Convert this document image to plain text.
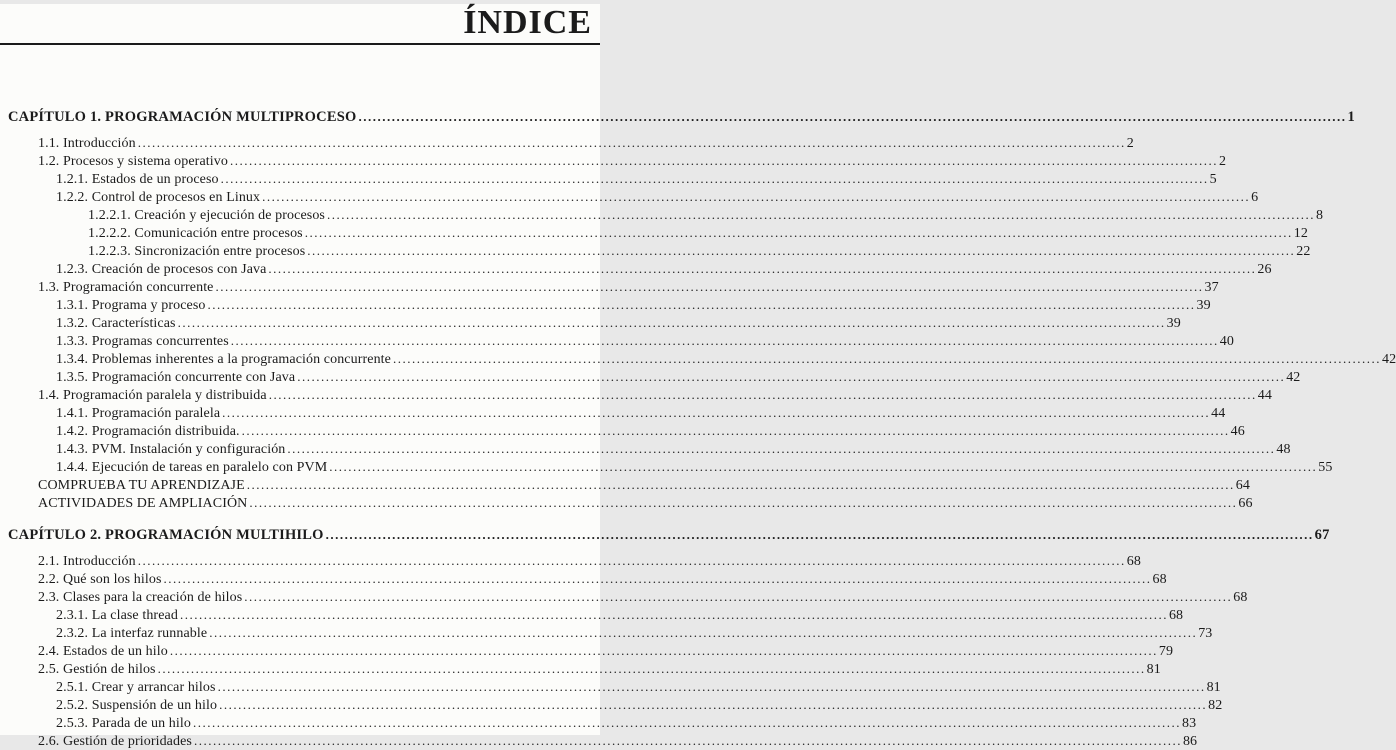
ÍNDICE
CAPÍTULO 1. PROGRAMACIÓN MULTIPROCESO .....	1
1.1. Introducción .....	2
1.2. Procesos y sistema operativo .....	2
1.2.1. Estados de un proceso .....	5
1.2.2. Control de procesos en Linux .....	6
1.2.2.1. Creación y ejecución de procesos .....	8
1.2.2.2. Comunicación entre procesos .....	12
1.2.2.3. Sincronización entre procesos .....	22
1.2.3. Creación de procesos con Java .....	26
1.3. Programación concurrente .....	37
1.3.1. Programa y proceso .....	39
1.3.2. Características .....	39
1.3.3. Programas concurrentes .....	40
1.3.4. Problemas inherentes a la programación concurrente .....	42
1.3.5. Programación concurrente con Java .....	42
1.4. Programación paralela y distribuida .....	44
1.4.1. Programación paralela .....	44
1.4.2. Programación distribuida. .....	46
1.4.3. PVM. Instalación y configuración .....	48
1.4.4. Ejecución de tareas en paralelo con PVM .....	55
COMPRUEBA TU APRENDIZAJE .....	64
ACTIVIDADES DE AMPLIACIÓN .....	66
CAPÍTULO 2. PROGRAMACIÓN MULTIHILO .....	67
2.1. Introducción .....	68
2.2. Qué son los hilos .....	68
2.3. Clases para la creación de hilos .....	68
2.3.1. La clase thread .....	68
2.3.2. La interfaz runnable .....	73
2.4. Estados de un hilo .....	79
2.5. Gestión de hilos .....	81
2.5.1. Crear y arrancar hilos .....	81
2.5.2. Suspensión de un hilo .....	82
2.5.3. Parada de un hilo .....	83
2.6. Gestión de prioridades .....	86
